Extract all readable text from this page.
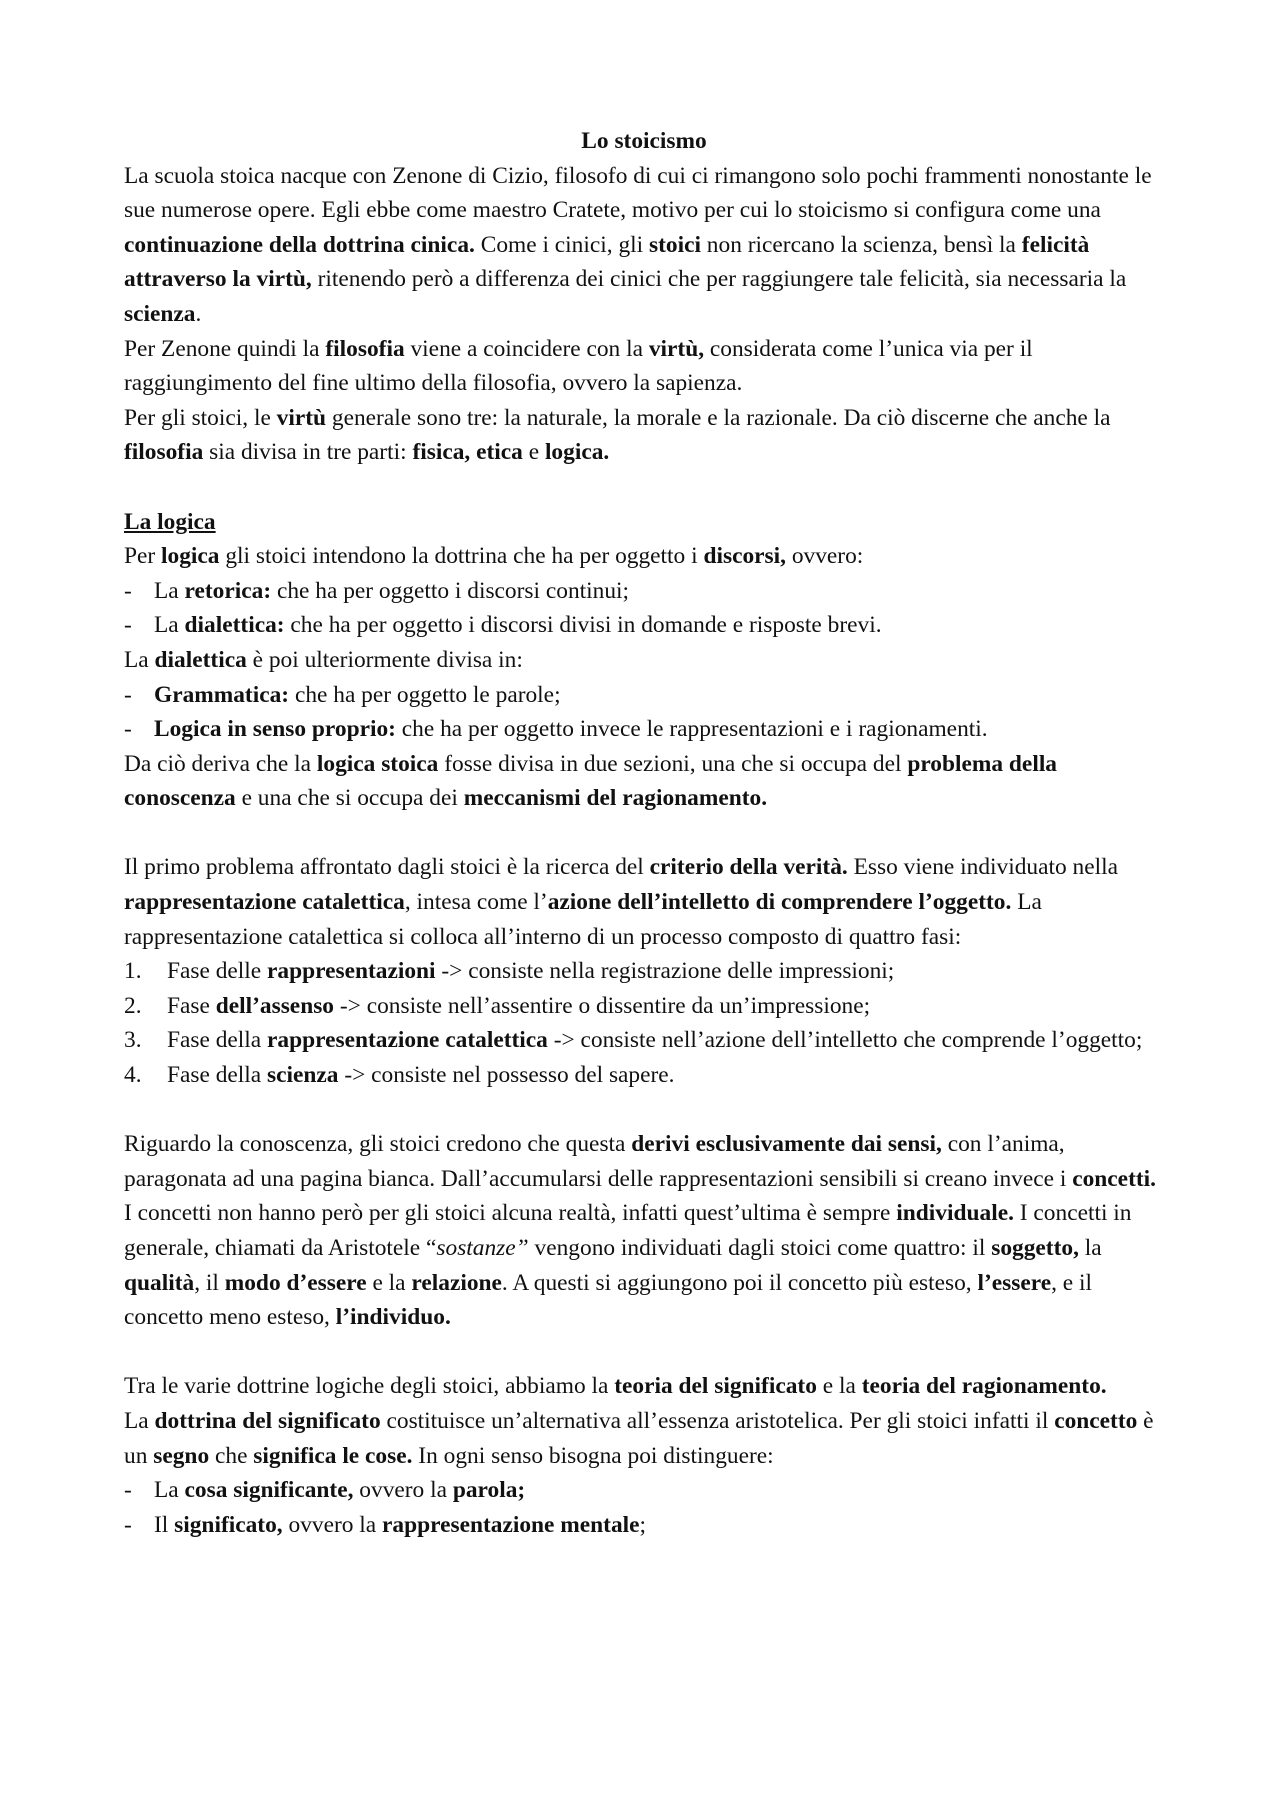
Lo stoicismo

La scuola stoica nacque con Zenone di Cizio, filosofo di cui ci rimangono solo pochi frammenti nonostante le sue numerose opere. Egli ebbe come maestro Cratete, motivo per cui lo stoicismo si configura come una continuazione della dottrina cinica. Come i cinici, gli stoici non ricercano la scienza, bensì la felicità attraverso la virtù, ritenendo però a differenza dei cinici che per raggiungere tale felicità, sia necessaria la scienza.

Per Zenone quindi la filosofia viene a coincidere con la virtù, considerata come l’unica via per il raggiungimento del fine ultimo della filosofia, ovvero la sapienza.

Per gli stoici, le virtù generale sono tre: la naturale, la morale e la razionale. Da ciò discerne che anche la filosofia sia divisa in tre parti: fisica, etica e logica.

La logica

Per logica gli stoici intendono la dottrina che ha per oggetto i discorsi, ovvero:

- La retorica: che ha per oggetto i discorsi continui;
- La dialettica: che ha per oggetto i discorsi divisi in domande e risposte brevi.

La dialettica è poi ulteriormente divisa in:

- Grammatica: che ha per oggetto le parole;
- Logica in senso proprio: che ha per oggetto invece le rappresentazioni e i ragionamenti.

Da ciò deriva che la logica stoica fosse divisa in due sezioni, una che si occupa del problema della conoscenza e una che si occupa dei meccanismi del ragionamento.

Il primo problema affrontato dagli stoici è la ricerca del criterio della verità. Esso viene individuato nella rappresentazione catalettica, intesa come l’azione dell’intelletto di comprendere l’oggetto. La rappresentazione catalettica si colloca all’interno di un processo composto di quattro fasi:

1.	Fase delle rappresentazioni -> consiste nella registrazione delle impressioni;
2.	Fase dell’assenso -> consiste nell’assentire o dissentire da un’impressione;
3.	Fase della rappresentazione catalettica -> consiste nell’azione dell’intelletto che comprende l’oggetto;
4.	Fase della scienza -> consiste nel possesso del sapere.

Riguardo la conoscenza, gli stoici credono che questa derivi esclusivamente dai sensi, con l’anima, paragonata ad una pagina bianca. Dall’accumularsi delle rappresentazioni sensibili si creano invece i concetti. I concetti non hanno però per gli stoici alcuna realtà, infatti quest’ultima è sempre individuale. I concetti in generale, chiamati da Aristotele “sostanze” vengono individuati dagli stoici come quattro: il soggetto, la qualità, il modo d’essere e la relazione. A questi si aggiungono poi il concetto più esteso, l’essere, e il concetto meno esteso, l’individuo.

Tra le varie dottrine logiche degli stoici, abbiamo la teoria del significato e la teoria del ragionamento.

La dottrina del significato costituisce un’alternativa all’essenza aristotelica. Per gli stoici infatti il concetto è un segno che significa le cose. In ogni senso bisogna poi distinguere:

- La cosa significante, ovvero la parola;
- Il significato, ovvero la rappresentazione mentale;
